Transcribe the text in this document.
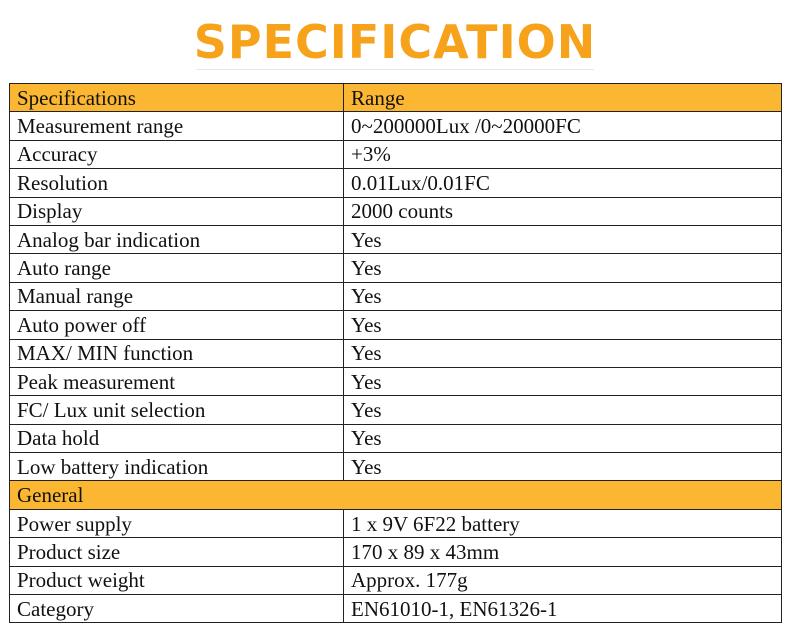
SPECIFICATION
Specifications	Range
Measurement range	0~200000Lux /0~20000FC
Accuracy	+3%
Resolution	0.01Lux/0.01FC
Display	2000 counts
Analog bar indication	Yes
Auto range	Yes
Manual range	Yes
Auto power off	Yes
MAX/ MIN function	Yes
Peak measurement	Yes
FC/ Lux unit selection	Yes
Data hold	Yes
Low battery indication	Yes
General	
Power supply	1 x 9V 6F22 battery
Product size	170 x 89 x 43mm
Product weight	Approx. 177g
Category	EN61010-1, EN61326-1
